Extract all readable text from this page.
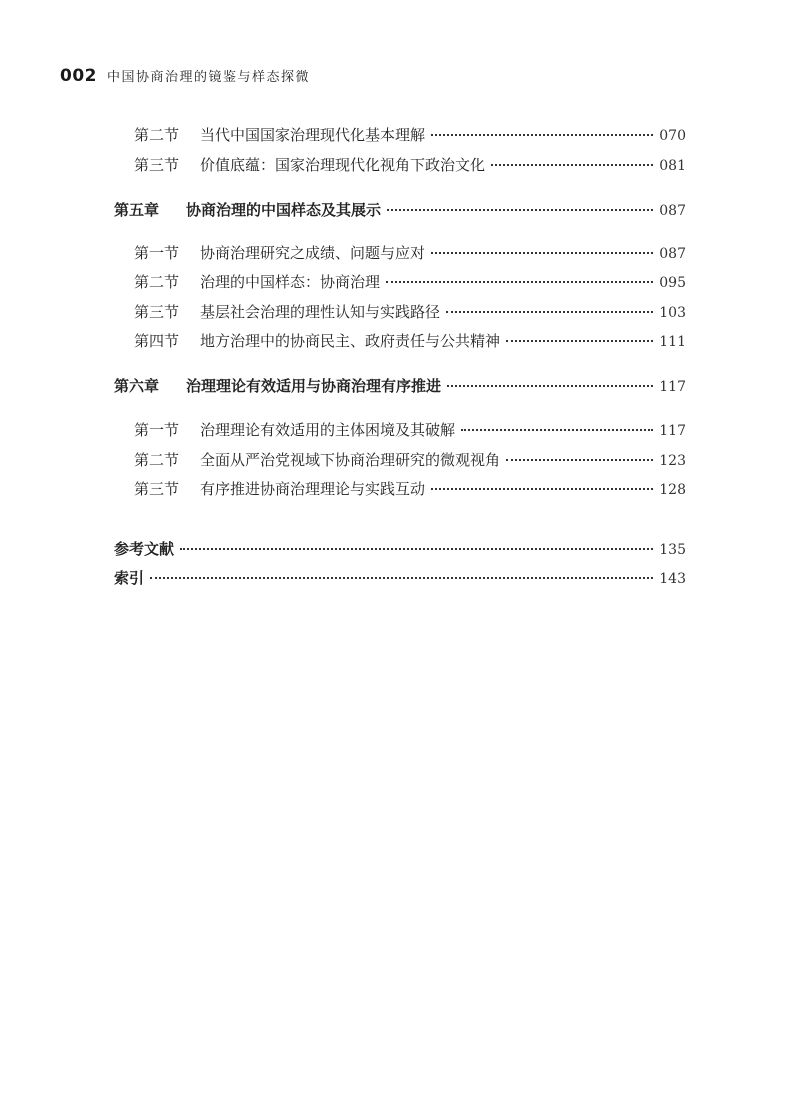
002 中国协商治理的镜鉴与样态探微
第二节	当代中国国家治理现代化基本理解	070
第三节	价值底蕴：国家治理现代化视角下政治文化	081
第五章	协商治理的中国样态及其展示	087
第一节	协商治理研究之成绩、问题与应对	087
第二节	治理的中国样态：协商治理	095
第三节	基层社会治理的理性认知与实践路径	103
第四节	地方治理中的协商民主、政府责任与公共精神	111
第六章	治理理论有效适用与协商治理有序推进	117
第一节	治理理论有效适用的主体困境及其破解	117
第二节	全面从严治党视域下协商治理研究的微观视角	123
第三节	有序推进协商治理理论与实践互动	128
参考文献	135
索引	143
